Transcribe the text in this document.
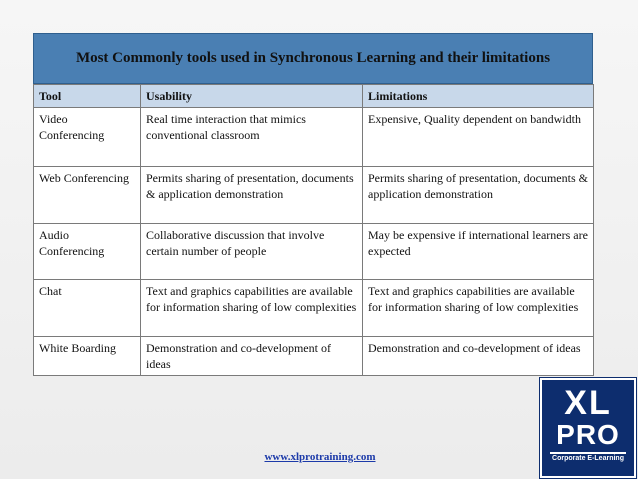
Most Commonly tools used in Synchronous Learning and their limitations
Tool	Usability	Limitations
Video Conferencing	Real time interaction that mimics conventional classroom	Expensive, Quality dependent on bandwidth
Web Conferencing	Permits sharing of presentation, documents & application demonstration	Permits sharing of presentation, documents & application demonstration
Audio Conferencing	Collaborative discussion that involve certain number of people	May be expensive if international learners are expected
Chat	Text and graphics capabilities are available for information sharing of low complexities	Text and graphics capabilities are available for information sharing of low complexities
White Boarding	Demonstration and co-development of ideas	Demonstration and co-development of ideas
www.xlprotraining.com
XL
PRO
Corporate E-Learning
